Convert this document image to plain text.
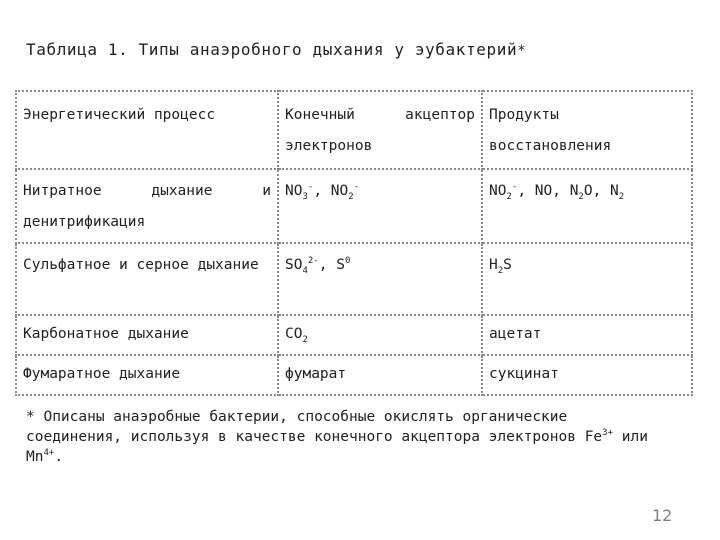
Таблица 1. Типы анаэробного дыхания у эубактерий*
Энергетический процесс	Конечный акцептор электронов	Продукты восстановления
Нитратное дыхание и денитрификация	$NO_3^-$, $NO_2^-$	$NO_2^-$, NO, $N_2O$, $N_2$
Сульфатное и серное дыхание	$SO_4^{2-}$, $S^0$	$H_2S$
Карбонатное дыхание	$CO_2$	ацетат
Фумаратное дыхание	фумарат	сукцинат
* Описаны анаэробные бактерии, способные окислять органические соединения, используя в качестве конечного акцептора электронов $Fe^{3+}$ или $Mn^{4+}$.
12
